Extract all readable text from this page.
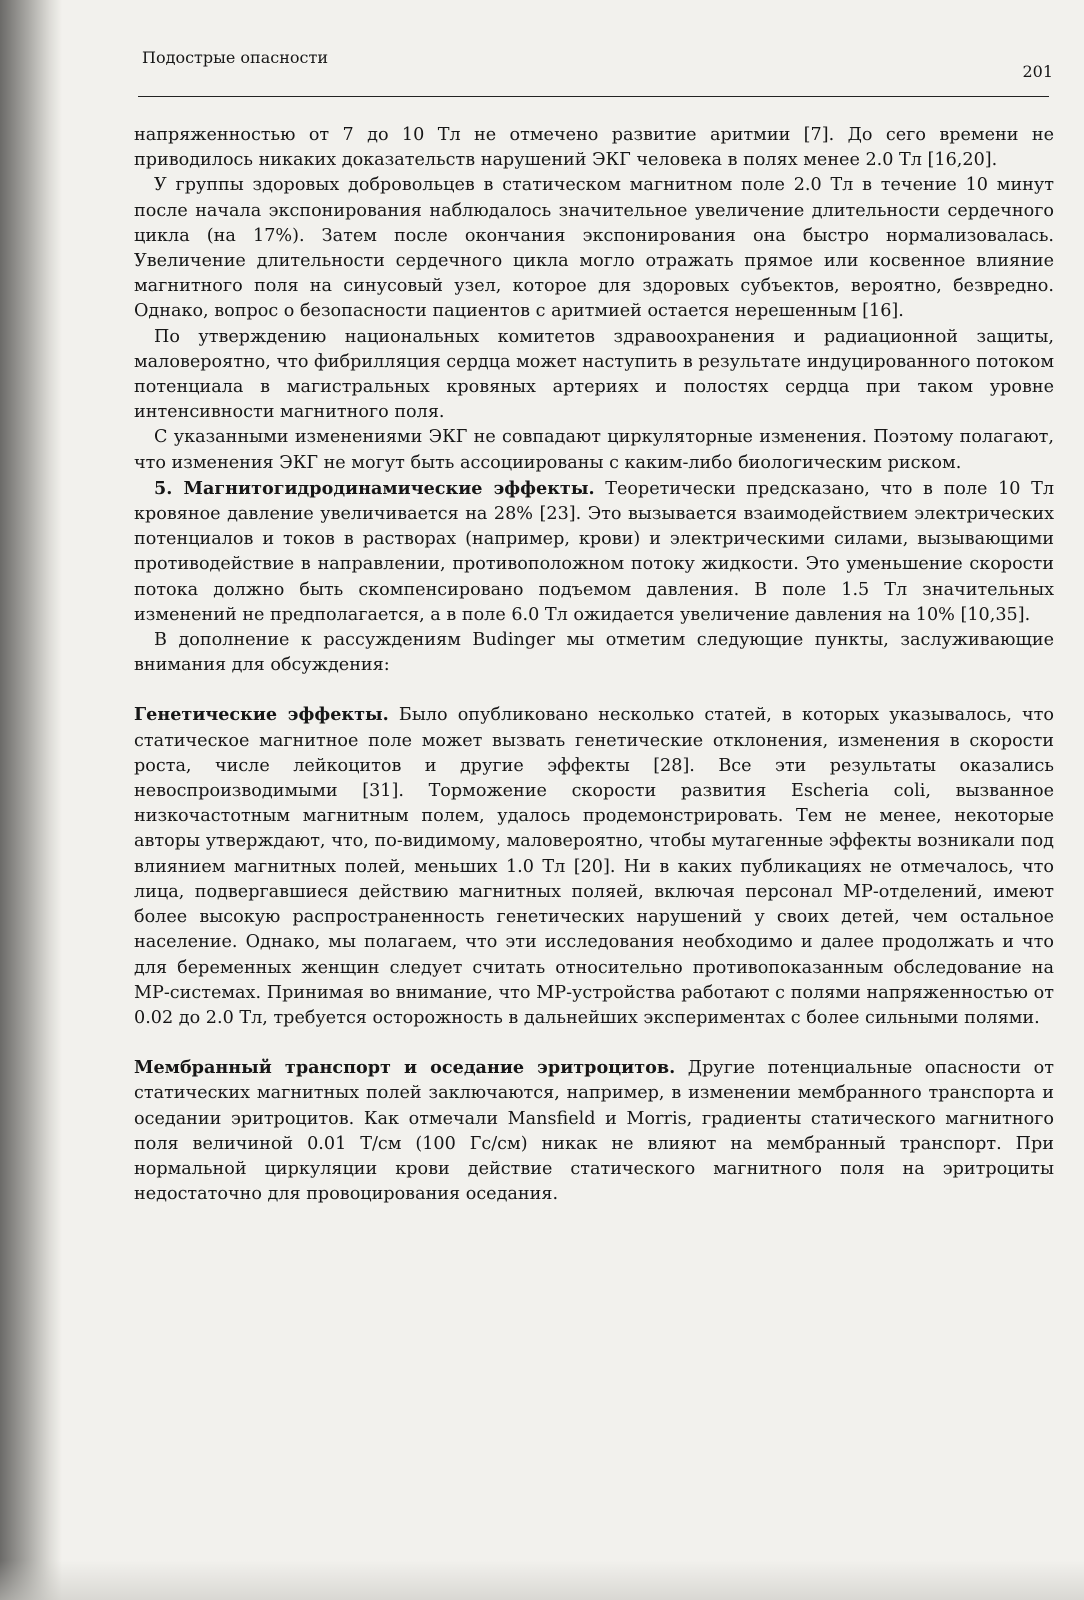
Подострые опасности
201

напряженностью от 7 до 10 Тл не отмечено развитие аритмии [7]. До сего времени не приводилось никаких доказательств нарушений ЭКГ человека в полях менее 2.0 Тл [16,20].

У группы здоровых добровольцев в статическом магнитном поле 2.0 Тл в течение 10 минут после начала экспонирования наблюдалось значительное увеличение длительности сердечного цикла (на 17%). Затем после окончания экспонирования она быстро нормализовалась. Увеличение длительности сердечного цикла могло отражать прямое или косвенное влияние магнитного поля на синусовый узел, которое для здоровых субъектов, вероятно, безвредно. Однако, вопрос о безопасности пациентов с аритмией остается нерешенным [16].

По утверждению национальных комитетов здравоохранения и радиационной защиты, маловероятно, что фибрилляция сердца может наступить в результате индуцированного потоком потенциала в магистральных кровяных артериях и полостях сердца при таком уровне интенсивности магнитного поля.

С указанными изменениями ЭКГ не совпадают циркуляторные изменения. Поэтому полагают, что изменения ЭКГ не могут быть ассоциированы с каким-либо биологическим риском.

5. Магнитогидродинамические эффекты. Теоретически предсказано, что в поле 10 Тл кровяное давление увеличивается на 28% [23]. Это вызывается взаимодействием электрических потенциалов и токов в растворах (например, крови) и электрическими силами, вызывающими противодействие в направлении, противоположном потоку жидкости. Это уменьшение скорости потока должно быть скомпенсировано подъемом давления. В поле 1.5 Тл значительных изменений не предполагается, а в поле 6.0 Тл ожидается увеличение давления на 10% [10,35].

В дополнение к рассуждениям Budinger мы отметим следующие пункты, заслуживающие внимания для обсуждения:

Генетические эффекты. Было опубликовано несколько статей, в которых указывалось, что статическое магнитное поле может вызвать генетические отклонения, изменения в скорости роста, числе лейкоцитов и другие эффекты [28]. Все эти результаты оказались невоспроизводимыми [31]. Торможение скорости развития Escheria coli, вызванное низкочастотным магнитным полем, удалось продемонстрировать. Тем не менее, некоторые авторы утверждают, что, по-видимому, маловероятно, чтобы мутагенные эффекты возникали под влиянием магнитных полей, меньших 1.0 Тл [20]. Ни в каких публикациях не отмечалось, что лица, подвергавшиеся действию магнитных поляей, включая персонал МР-отделений, имеют более высокую распространенность генетических нарушений у своих детей, чем остальное население. Однако, мы полагаем, что эти исследования необходимо и далее продолжать и что для беременных женщин следует считать относительно противопоказанным обследование на МР-системах. Принимая во внимание, что МР-устройства работают с полями напряженностью от 0.02 до 2.0 Тл, требуется осторожность в дальнейших экспериментах с более сильными полями.

Мембранный транспорт и оседание эритроцитов. Другие потенциальные опасности от статических магнитных полей заключаются, например, в изменении мембранного транспорта и оседании эритроцитов. Как отмечали Mansfield и Morris, градиенты статического магнитного поля величиной 0.01 Т/см (100 Гс/см) никак не влияют на мембранный транспорт. При нормальной циркуляции крови действие статического магнитного поля на эритроциты недостаточно для провоцирования оседания.
